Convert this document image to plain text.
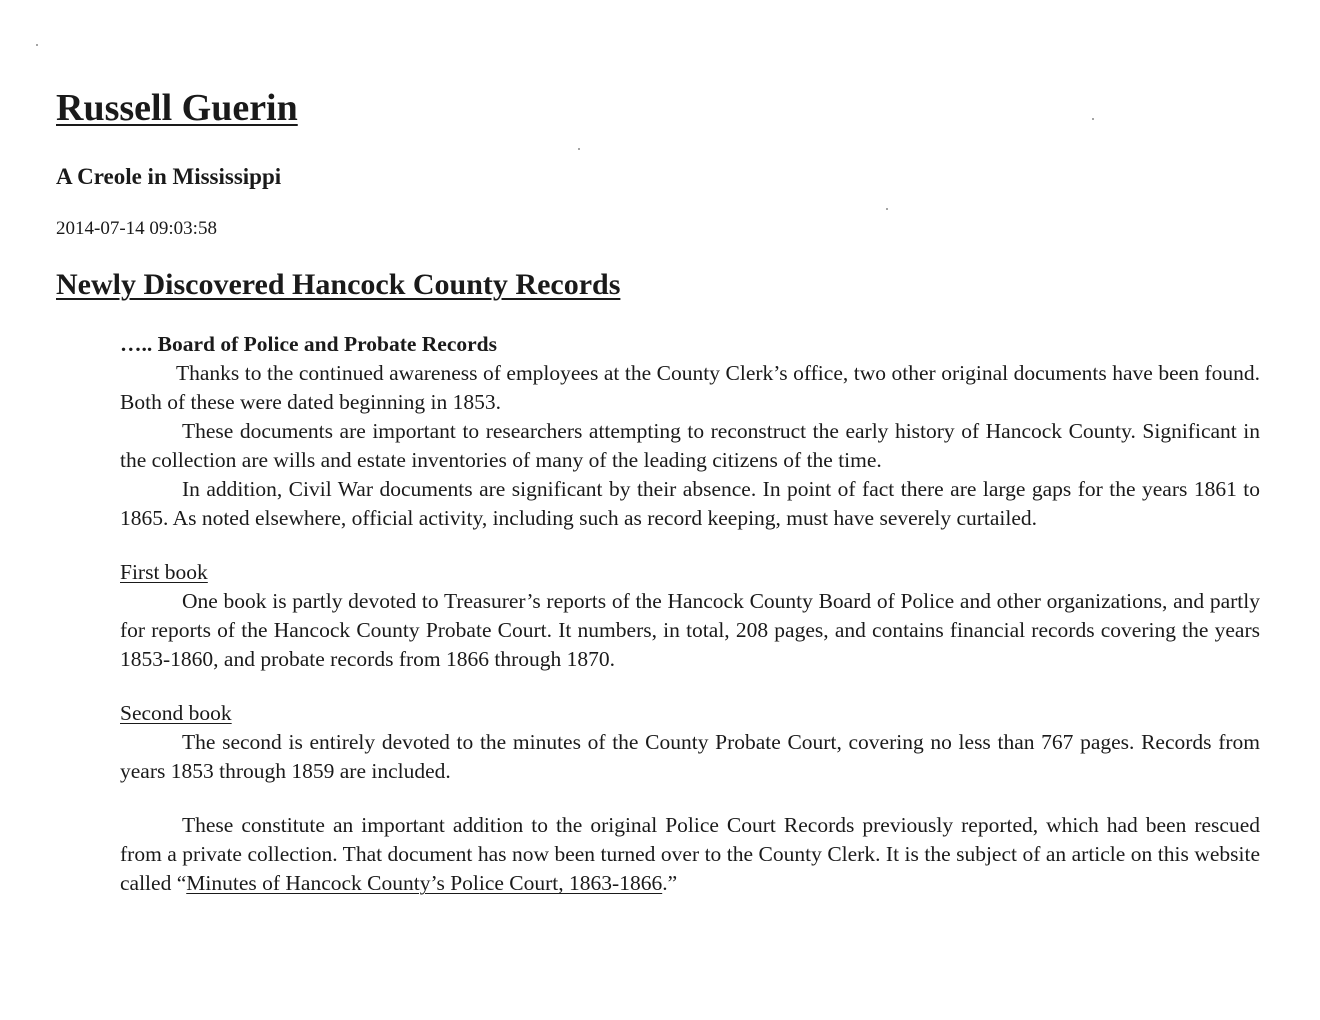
Russell Guerin
A Creole in Mississippi
2014-07-14 09:03:58
Newly Discovered Hancock County Records

….. Board of Police and Probate Records

Thanks to the continued awareness of employees at the County Clerk’s office, two other original documents have been found. Both of these were dated beginning in 1853.

These documents are important to researchers attempting to reconstruct the early history of Hancock County. Significant in the collection are wills and estate inventories of many of the leading citizens of the time.

In addition, Civil War documents are significant by their absence. In point of fact there are large gaps for the years 1861 to 1865. As noted elsewhere, official activity, including such as record keeping, must have severely curtailed.

First book

One book is partly devoted to Treasurer’s reports of the Hancock County Board of Police and other organizations, and partly for reports of the Hancock County Probate Court. It numbers, in total, 208 pages, and contains financial records covering the years 1853-1860, and probate records from 1866 through 1870.

Second book

The second is entirely devoted to the minutes of the County Probate Court, covering no less than 767 pages. Records from years 1853 through 1859 are included.

These constitute an important addition to the original Police Court Records previously reported, which had been rescued from a private collection. That document has now been turned over to the County Clerk. It is the subject of an article on this website called “Minutes of Hancock County’s Police Court, 1863-1866.”
